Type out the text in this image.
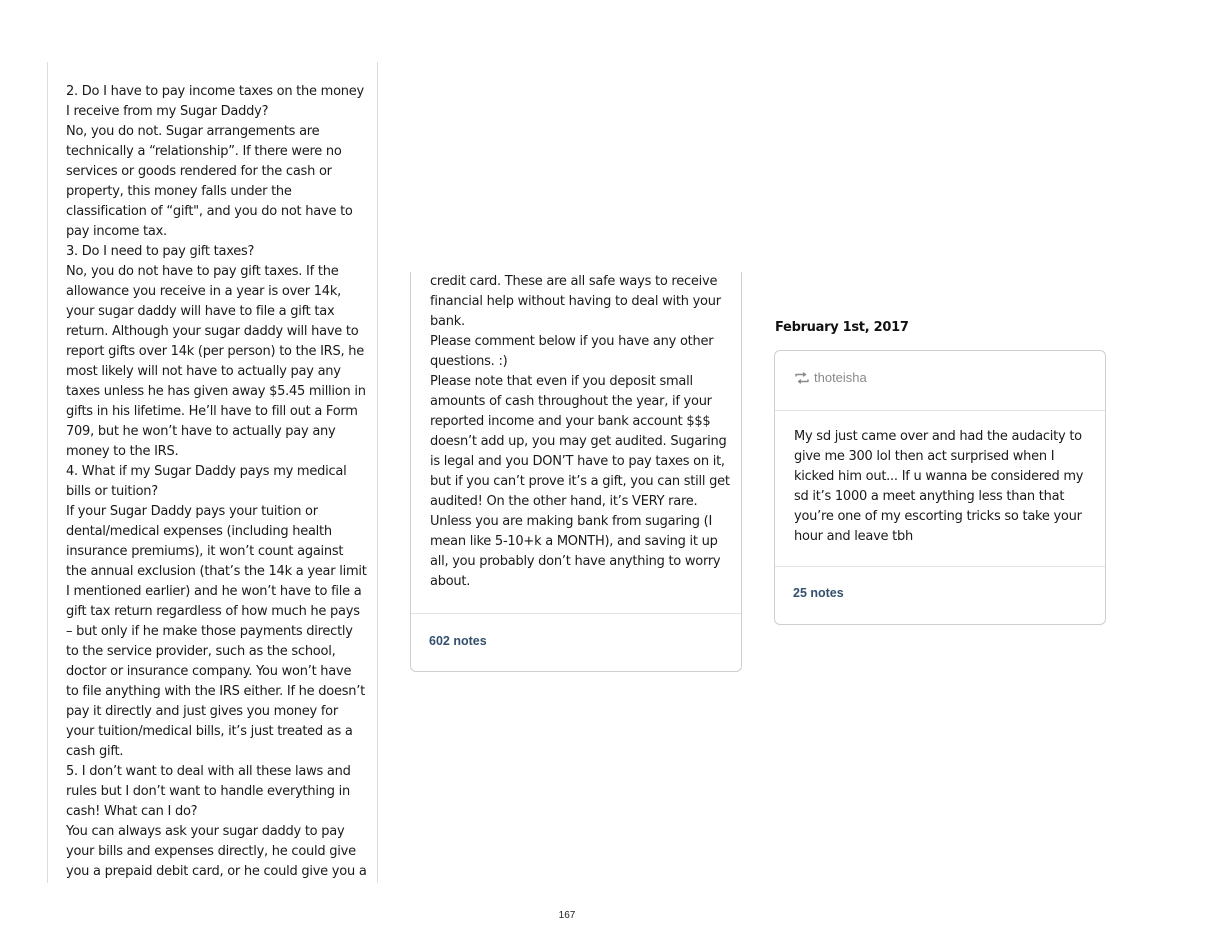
2. Do I have to pay income taxes on the money
I receive from my Sugar Daddy?
No, you do not. Sugar arrangements are
technically a “relationship”. If there were no
services or goods rendered for the cash or
property, this money falls under the
classification of “gift", and you do not have to
pay income tax.
3. Do I need to pay gift taxes?
No, you do not have to pay gift taxes. If the
allowance you receive in a year is over 14k,
your sugar daddy will have to file a gift tax
return. Although your sugar daddy will have to
report gifts over 14k (per person) to the IRS, he
most likely will not have to actually pay any
taxes unless he has given away $5.45 million in
gifts in his lifetime. He’ll have to fill out a Form
709, but he won’t have to actually pay any
money to the IRS.
4. What if my Sugar Daddy pays my medical
bills or tuition?
If your Sugar Daddy pays your tuition or
dental/medical expenses (including health
insurance premiums), it won’t count against
the annual exclusion (that’s the 14k a year limit
I mentioned earlier) and he won’t have to file a
gift tax return regardless of how much he pays
– but only if he make those payments directly
to the service provider, such as the school,
doctor or insurance company. You won’t have
to file anything with the IRS either. If he doesn’t
pay it directly and just gives you money for
your tuition/medical bills, it’s just treated as a
cash gift.
5. I don’t want to deal with all these laws and
rules but I don’t want to handle everything in
cash! What can I do?
You can always ask your sugar daddy to pay
your bills and expenses directly, he could give
you a prepaid debit card, or he could give you a
credit card. These are all safe ways to receive
financial help without having to deal with your
bank.
Please comment below if you have any other
questions. :)
Please note that even if you deposit small
amounts of cash throughout the year, if your
reported income and your bank account $$$
doesn’t add up, you may get audited. Sugaring
is legal and you DON’T have to pay taxes on it,
but if you can’t prove it’s a gift, you can still get
audited! On the other hand, it’s VERY rare.
Unless you are making bank from sugaring (I
mean like 5-10+k a MONTH), and saving it up
all, you probably don’t have anything to worry
about.
602 notes
February 1st, 2017
thoteisha
My sd just came over and had the audacity to
give me 300 lol then act surprised when I
kicked him out... If u wanna be considered my
sd it’s 1000 a meet anything less than that
you’re one of my escorting tricks so take your
hour and leave tbh
25 notes
167
